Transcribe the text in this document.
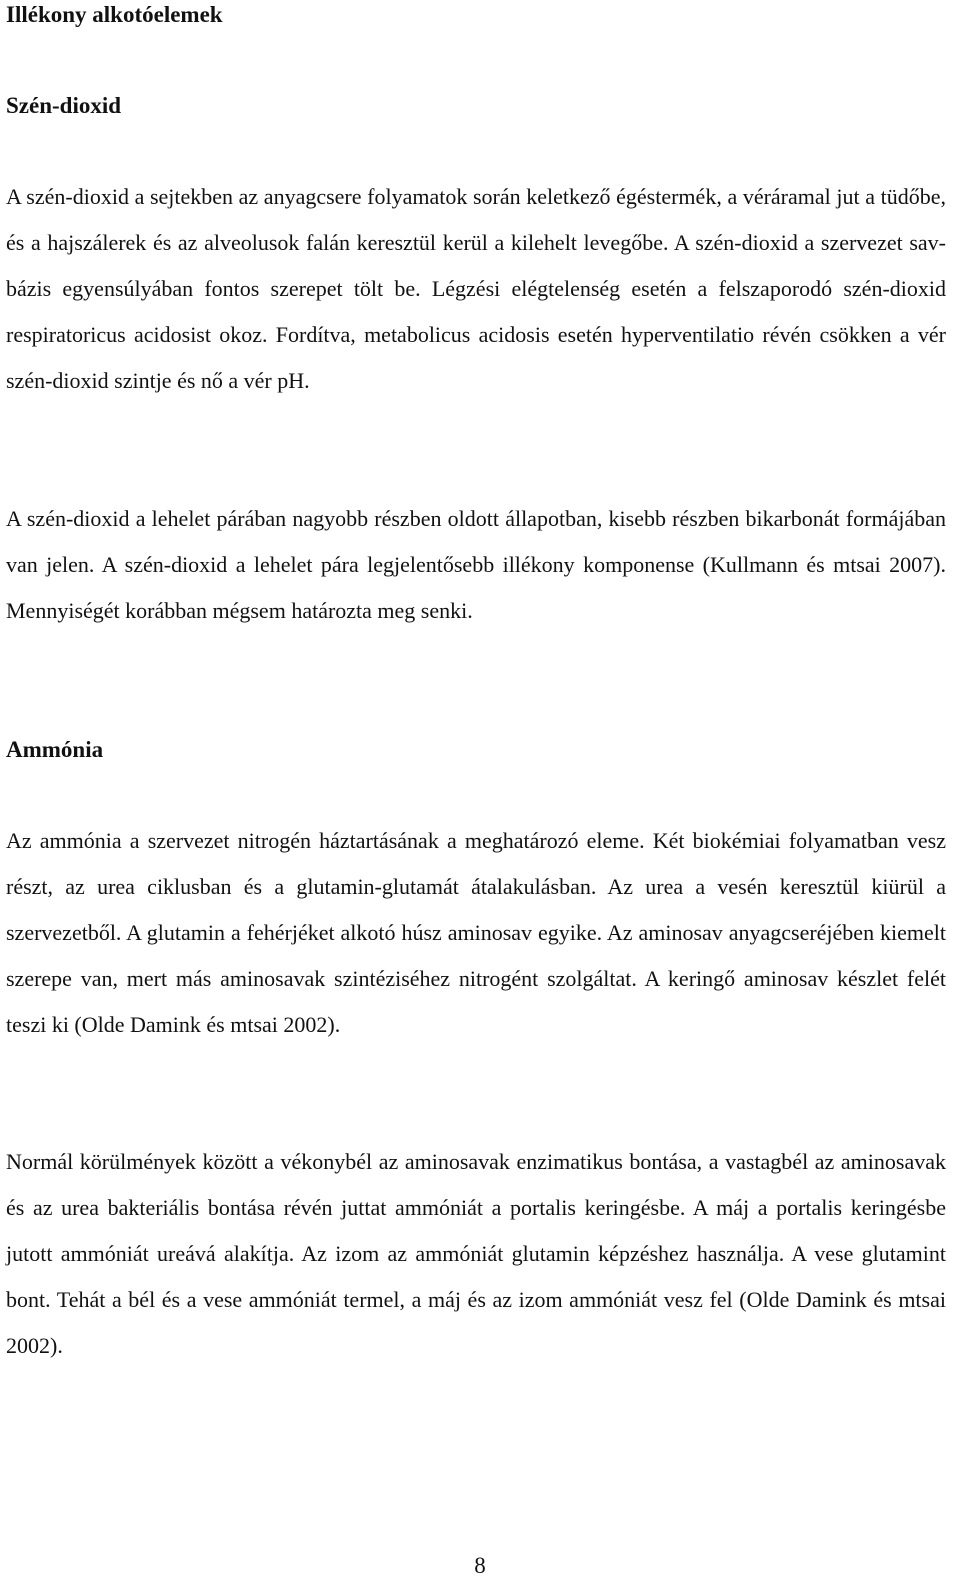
Illékony alkotóelemek
Szén-dioxid

A szén-dioxid a sejtekben az anyagcsere folyamatok során keletkező égéstermék, a véráramal jut a tüdőbe, és a hajszálerek és az alveolusok falán keresztül kerül a kilehelt levegőbe. A szén-dioxid a szervezet sav-bázis egyensúlyában fontos szerepet tölt be. Légzési elégtelenség esetén a felszaporodó szén-dioxid respiratoricus acidosist okoz. Fordítva, metabolicus acidosis esetén hyperventilatio révén csökken a vér szén-dioxid szintje és nő a vér pH.

A szén-dioxid a lehelet párában nagyobb részben oldott állapotban, kisebb részben bikarbonát formájában van jelen. A szén-dioxid a lehelet pára legjelentősebb illékony komponense (Kullmann és mtsai 2007). Mennyiségét korábban mégsem határozta meg senki.

Ammónia

Az ammónia a szervezet nitrogén háztartásának a meghatározó eleme. Két biokémiai folyamatban vesz részt, az urea ciklusban és a glutamin-glutamát átalakulásban. Az urea a vesén keresztül kiürül a szervezetből. A glutamin a fehérjéket alkotó húsz aminosav egyike. Az aminosav anyagcseréjében kiemelt szerepe van, mert más aminosavak szintéziséhez nitrogént szolgáltat. A keringő aminosav készlet felét teszi ki (Olde Damink és mtsai 2002).

Normál körülmények között a vékonybél az aminosavak enzimatikus bontása, a vastagbél az aminosavak és az urea bakteriális bontása révén juttat ammóniát a portalis keringésbe. A máj a portalis keringésbe jutott ammóniát ureává alakítja. Az izom az ammóniát glutamin képzéshez használja. A vese glutamint bont. Tehát a bél és a vese ammóniát termel, a máj és az izom ammóniát vesz fel (Olde Damink és mtsai 2002).

8
